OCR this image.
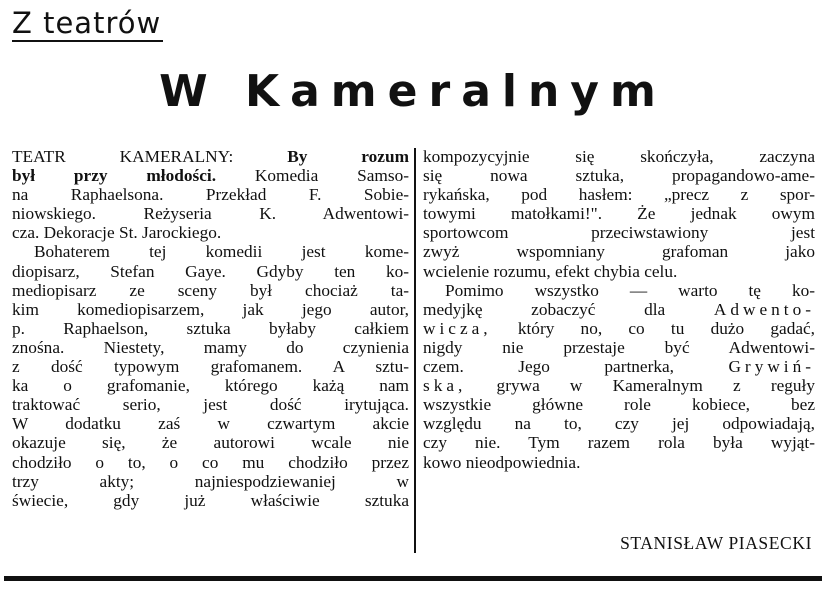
Z teatrów
W Kameralnym
TEATR KAMERALNY: By rozum
był przy młodości. Komedia Samso-
na Raphaelsona. Przekład F. Sobie-
niowskiego. Reżyseria K. Adwentowi-
cza. Dekoracje St. Jarockiego.
Bohaterem tej komedii jest kome-
diopisarz, Stefan Gaye. Gdyby ten ko-
mediopisarz ze sceny był chociaż ta-
kim komediopisarzem, jak jego autor,
p. Raphaelson, sztuka byłaby całkiem
znośna. Niestety, mamy do czynienia
z dość typowym grafomanem. A sztu-
ka o grafomanie, którego każą nam
traktować serio, jest dość irytująca.
W dodatku zaś w czwartym akcie
okazuje się, że autorowi wcale nie
chodziło o to, o co mu chodziło przez
trzy akty; najniespodziewaniej w
świecie, gdy już właściwie sztuka
kompozycyjnie się skończyła, zaczyna
się nowa sztuka, propagandowo-ame-
rykańska, pod hasłem: „precz z spor-
towymi matołkami!". Że jednak owym
sportowcom przeciwstawiony jest
zwyż wspomniany grafoman jako
wcielenie rozumu, efekt chybia celu.
Pomimo wszystko — warto tę ko-
medyjkę zobaczyć dla	Adwento-
wicza, który no, co tu dużo gadać,
nigdy nie przestaje być Adwentowi-
czem. Jego partnerka,	Grywiń-
ska, grywa w Kameralnym z reguły
wszystkie główne role kobiece, bez
względu na to, czy jej odpowiadają,
czy nie. Tym razem rola była wyjąt-
kowo nieodpowiednia.
STANISŁAW PIASECKI
